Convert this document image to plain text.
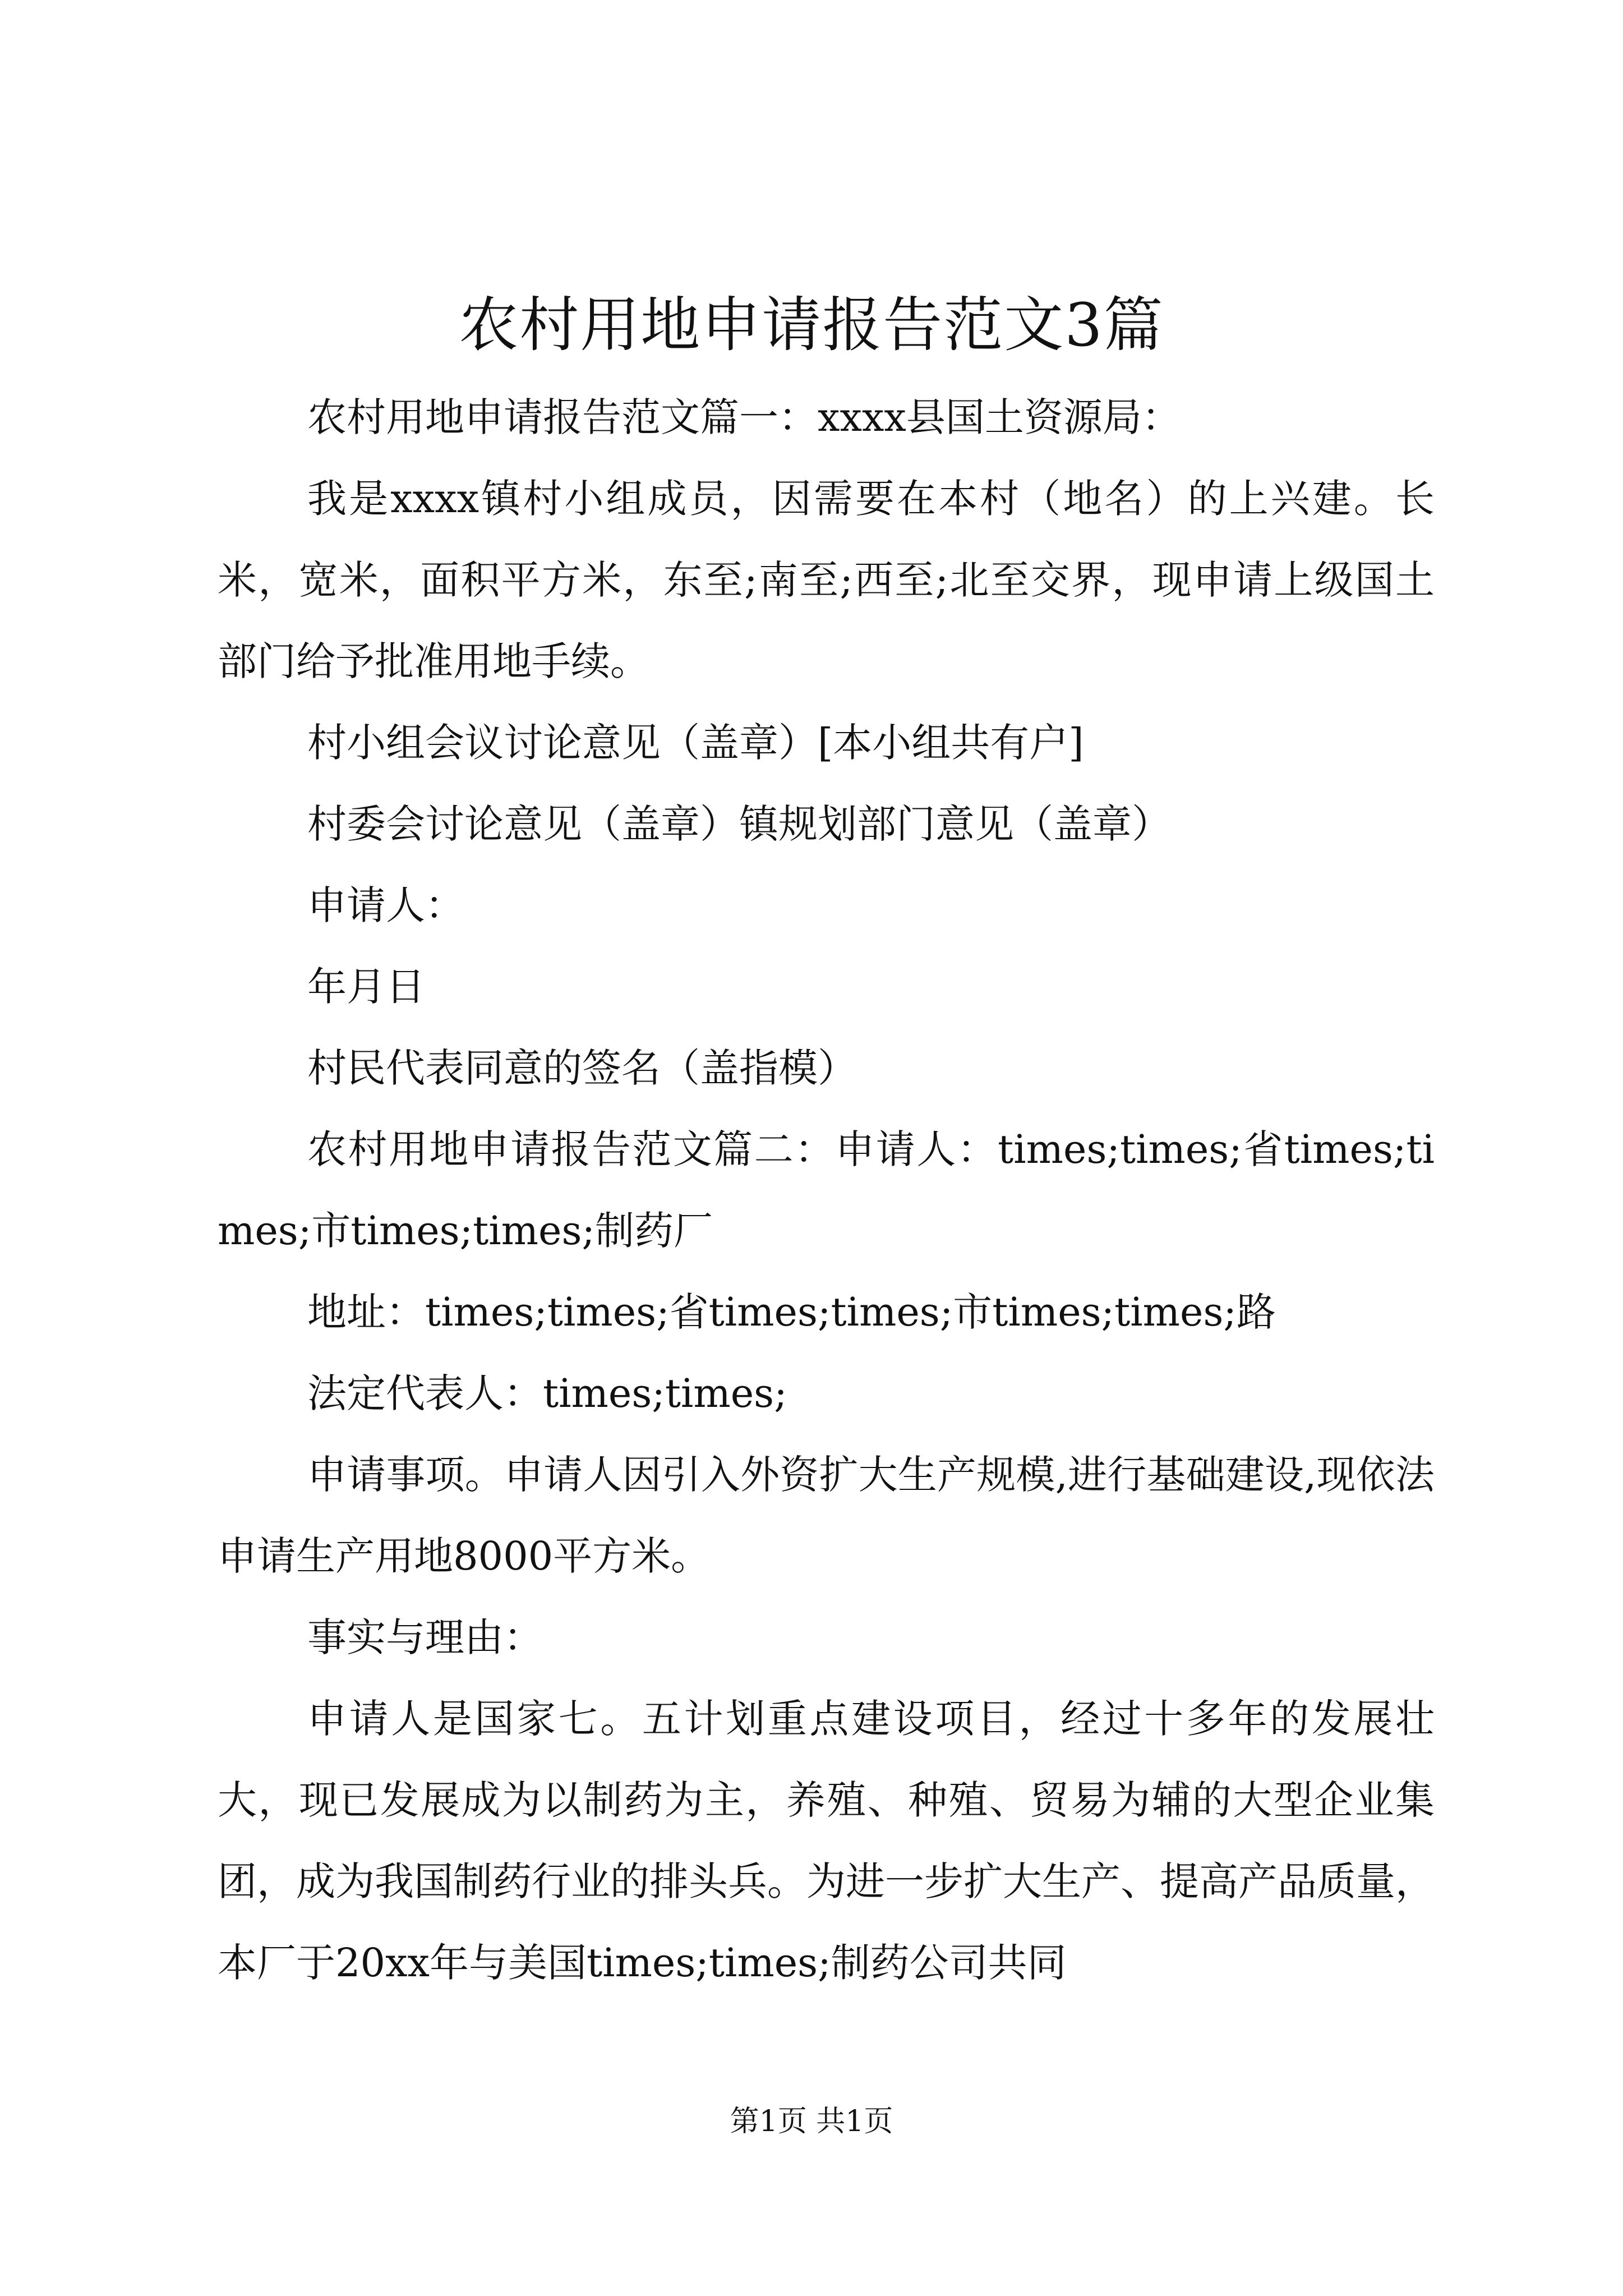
农村用地申请报告范文3篇

农村用地申请报告范文篇一：xxxx县国土资源局：

我是xxxx镇村小组成员，因需要在本村（地名）的上兴建。长米，宽米，面积平方米，东至;南至;西至;北至交界，现申请上级国土部门给予批准用地手续。

村小组会议讨论意见（盖章）[本小组共有户]

村委会讨论意见（盖章）镇规划部门意见（盖章）

申请人：

年月日

村民代表同意的签名（盖指模）

农村用地申请报告范文篇二：申请人：times;times;省times;times;市times;times;制药厂

地址：times;times;省times;times;市times;times;路

法定代表人：times;times;

申请事项。申请人因引入外资扩大生产规模,进行基础建设,现依法申请生产用地8000平方米。

事实与理由：

申请人是国家七。五计划重点建设项目，经过十多年的发展壮大，现已发展成为以制药为主，养殖、种殖、贸易为辅的大型企业集团，成为我国制药行业的排头兵。为进一步扩大生产、提高产品质量，本厂于20xx年与美国times;times;制药公司共同

第1页 共1页
